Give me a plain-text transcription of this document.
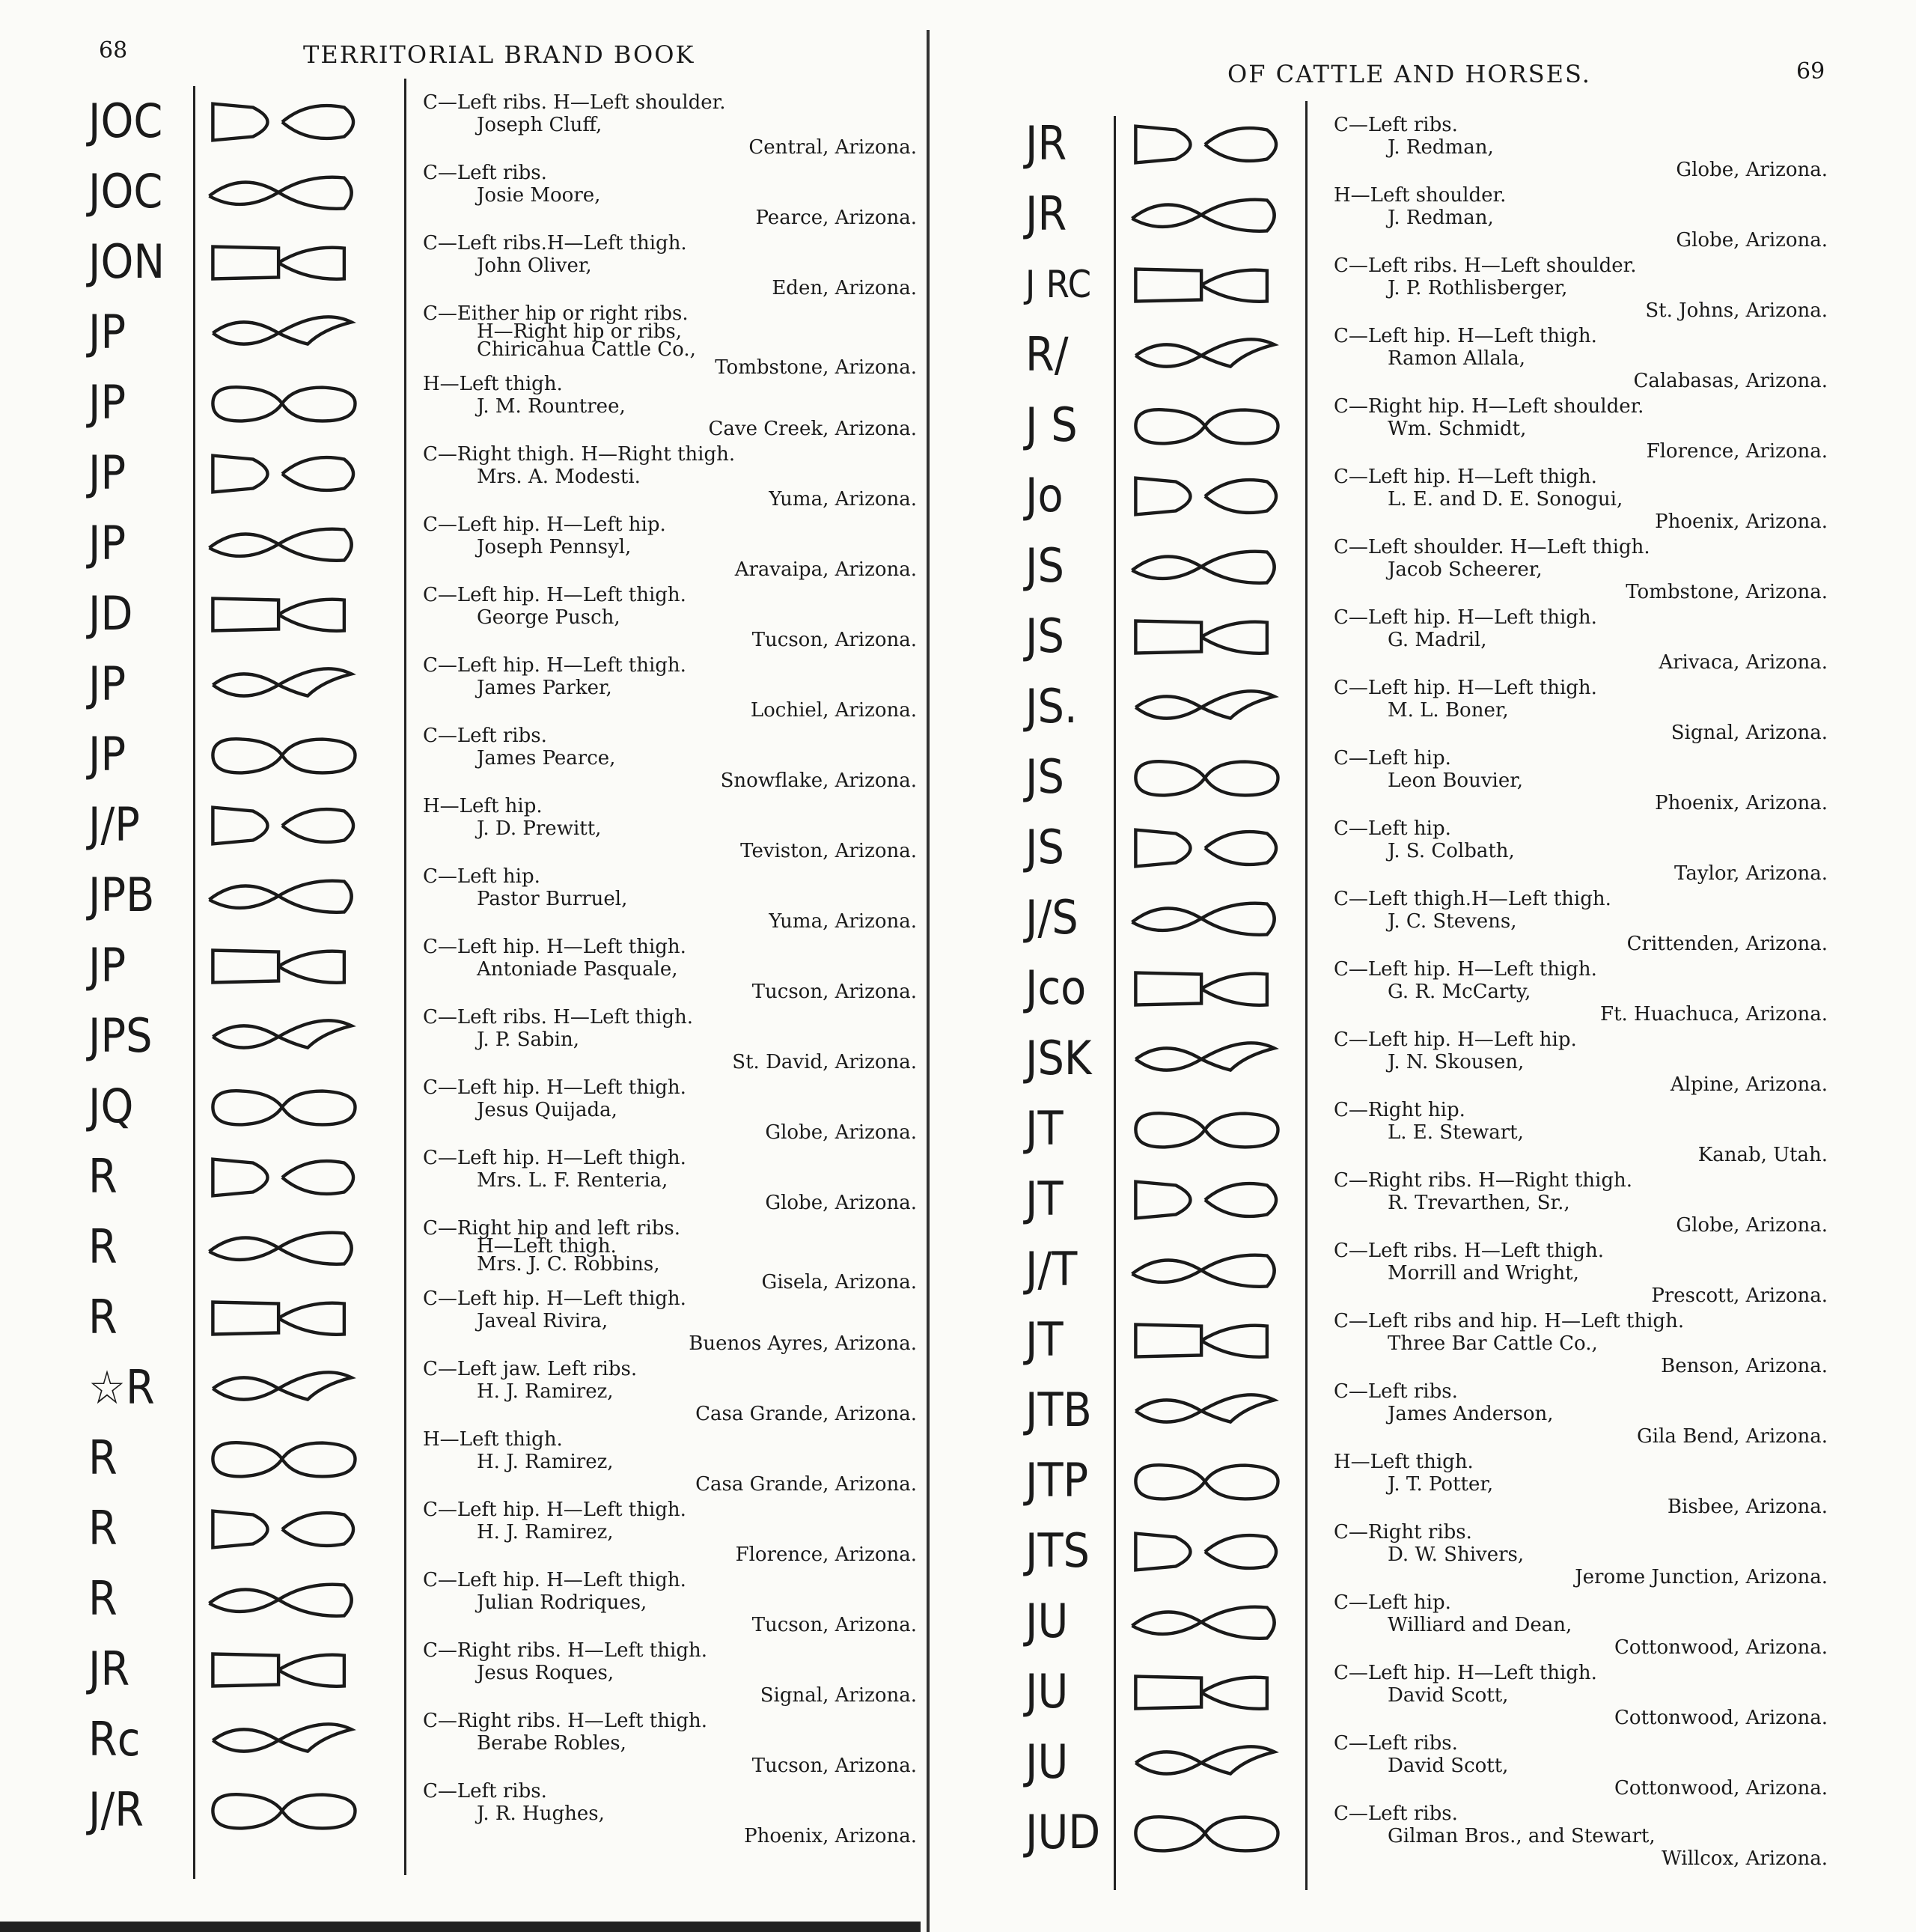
68	TERRITORIAL BRAND BOOK
JOC	C—Left ribs. H—Left shoulder.
Joseph Cluff,
Central, Arizona.
JOC	C—Left ribs.
Josie Moore,
Pearce, Arizona.
JON	C—Left ribs.H—Left thigh.
John Oliver,
Eden, Arizona.
JP	C—Either hip or right ribs.
H—Right hip or ribs,
Chiricahua Cattle Co.,
Tombstone, Arizona.
JP	H—Left thigh.
J. M. Rountree,
Cave Creek, Arizona.
JP	C—Right thigh. H—Right thigh.
Mrs. A. Modesti.
Yuma, Arizona.
JP	C—Left hip. H—Left hip.
Joseph Pennsyl,
Aravaipa, Arizona.
JD	C—Left hip. H—Left thigh.
George Pusch,
Tucson, Arizona.
JP	C—Left hip. H—Left thigh.
James Parker,
Lochiel, Arizona.
JP	C—Left ribs.
James Pearce,
Snowflake, Arizona.
J/P	H—Left hip.
J. D. Prewitt,
Teviston, Arizona.
JPB	C—Left hip.
Pastor Burruel,
Yuma, Arizona.
JP	C—Left hip. H—Left thigh.
Antoniade Pasquale,
Tucson, Arizona.
JPS	C—Left ribs. H—Left thigh.
J. P. Sabin,
St. David, Arizona.
JQ	C—Left hip. H—Left thigh.
Jesus Quijada,
Globe, Arizona.
R	C—Left hip. H—Left thigh.
Mrs. L. F. Renteria,
Globe, Arizona.
R	C—Right hip and left ribs.
H—Left thigh.
Mrs. J. C. Robbins,
Gisela, Arizona.
R	C—Left hip. H—Left thigh.
Javeal Rivira,
Buenos Ayres, Arizona.
☆R	C—Left jaw. Left ribs.
H. J. Ramirez,
Casa Grande, Arizona.
R	H—Left thigh.
H. J. Ramirez,
Casa Grande, Arizona.
R	C—Left hip. H—Left thigh.
H. J. Ramirez,
Florence, Arizona.
R	C—Left hip. H—Left thigh.
Julian Rodriques,
Tucson, Arizona.
JR	C—Right ribs. H—Left thigh.
Jesus Roques,
Signal, Arizona.
Rc	C—Right ribs. H—Left thigh.
Berabe Robles,
Tucson, Arizona.
J/R	C—Left ribs.
J. R. Hughes,
Phoenix, Arizona.
OF CATTLE AND HORSES.	69
JR	C—Left ribs.
J. Redman,
Globe, Arizona.
JR	H—Left shoulder.
J. Redman,
Globe, Arizona.
J RC	C—Left ribs. H—Left shoulder.
J. P. Rothlisberger,
St. Johns, Arizona.
R/	C—Left hip. H—Left thigh.
Ramon Allala,
Calabasas, Arizona.
J S	C—Right hip. H—Left shoulder.
Wm. Schmidt,
Florence, Arizona.
Jo	C—Left hip. H—Left thigh.
L. E. and D. E. Sonogui,
Phoenix, Arizona.
JS	C—Left shoulder. H—Left thigh.
Jacob Scheerer,
Tombstone, Arizona.
JS	C—Left hip. H—Left thigh.
G. Madril,
Arivaca, Arizona.
JS.	C—Left hip. H—Left thigh.
M. L. Boner,
Signal, Arizona.
JS	C—Left hip.
Leon Bouvier,
Phoenix, Arizona.
JS	C—Left hip.
J. S. Colbath,
Taylor, Arizona.
J/S	C—Left thigh.H—Left thigh.
J. C. Stevens,
Crittenden, Arizona.
Jco	C—Left hip. H—Left thigh.
G. R. McCarty,
Ft. Huachuca, Arizona.
JSK	C—Left hip. H—Left hip.
J. N. Skousen,
Alpine, Arizona.
JT	C—Right hip.
L. E. Stewart,
Kanab, Utah.
JT	C—Right ribs. H—Right thigh.
R. Trevarthen, Sr.,
Globe, Arizona.
J/T	C—Left ribs. H—Left thigh.
Morrill and Wright,
Prescott, Arizona.
JT	C—Left ribs and hip. H—Left thigh.
Three Bar Cattle Co.,
Benson, Arizona.
JTB	C—Left ribs.
James Anderson,
Gila Bend, Arizona.
JTP	H—Left thigh.
J. T. Potter,
Bisbee, Arizona.
JTS	C—Right ribs.
D. W. Shivers,
Jerome Junction, Arizona.
JU	C—Left hip.
Williard and Dean,
Cottonwood, Arizona.
JU	C—Left hip. H—Left thigh.
David Scott,
Cottonwood, Arizona.
JU	C—Left ribs.
David Scott,
Cottonwood, Arizona.
JUD	C—Left ribs.
Gilman Bros., and Stewart,
Willcox, Arizona.
